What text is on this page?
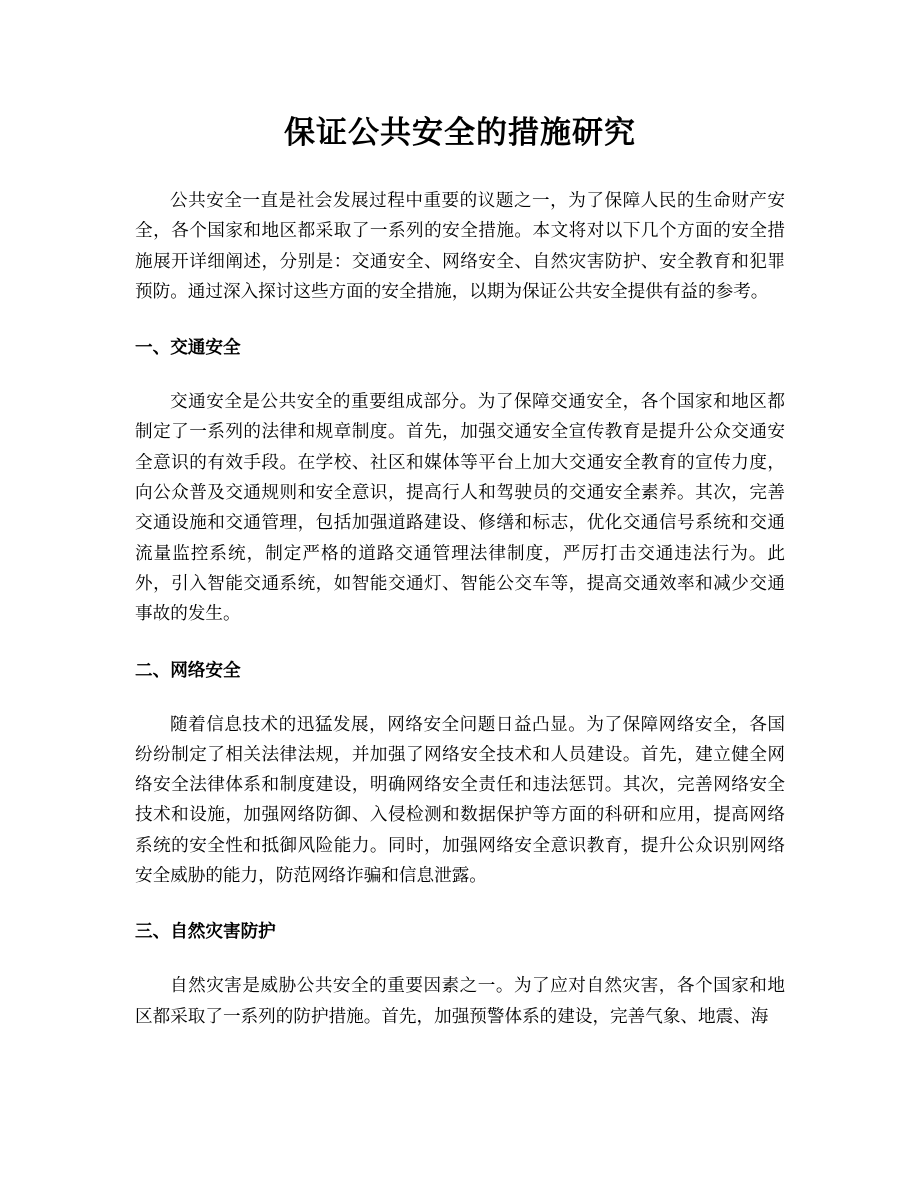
保证公共安全的措施研究

公共安全一直是社会发展过程中重要的议题之一，为了保障人民的生命财产安全，各个国家和地区都采取了一系列的安全措施。本文将对以下几个方面的安全措施展开详细阐述，分别是：交通安全、网络安全、自然灾害防护、安全教育和犯罪预防。通过深入探讨这些方面的安全措施，以期为保证公共安全提供有益的参考。

一、交通安全

交通安全是公共安全的重要组成部分。为了保障交通安全，各个国家和地区都制定了一系列的法律和规章制度。首先，加强交通安全宣传教育是提升公众交通安全意识的有效手段。在学校、社区和媒体等平台上加大交通安全教育的宣传力度，向公众普及交通规则和安全意识，提高行人和驾驶员的交通安全素养。其次，完善交通设施和交通管理，包括加强道路建设、修缮和标志，优化交通信号系统和交通流量监控系统，制定严格的道路交通管理法律制度，严厉打击交通违法行为。此外，引入智能交通系统，如智能交通灯、智能公交车等，提高交通效率和减少交通事故的发生。

二、网络安全

随着信息技术的迅猛发展，网络安全问题日益凸显。为了保障网络安全，各国纷纷制定了相关法律法规，并加强了网络安全技术和人员建设。首先，建立健全网络安全法律体系和制度建设，明确网络安全责任和违法惩罚。其次，完善网络安全技术和设施，加强网络防御、入侵检测和数据保护等方面的科研和应用，提高网络系统的安全性和抵御风险能力。同时，加强网络安全意识教育，提升公众识别网络安全威胁的能力，防范网络诈骗和信息泄露。

三、自然灾害防护

自然灾害是威胁公共安全的重要因素之一。为了应对自然灾害，各个国家和地区都采取了一系列的防护措施。首先，加强预警体系的建设，完善气象、地震、海
